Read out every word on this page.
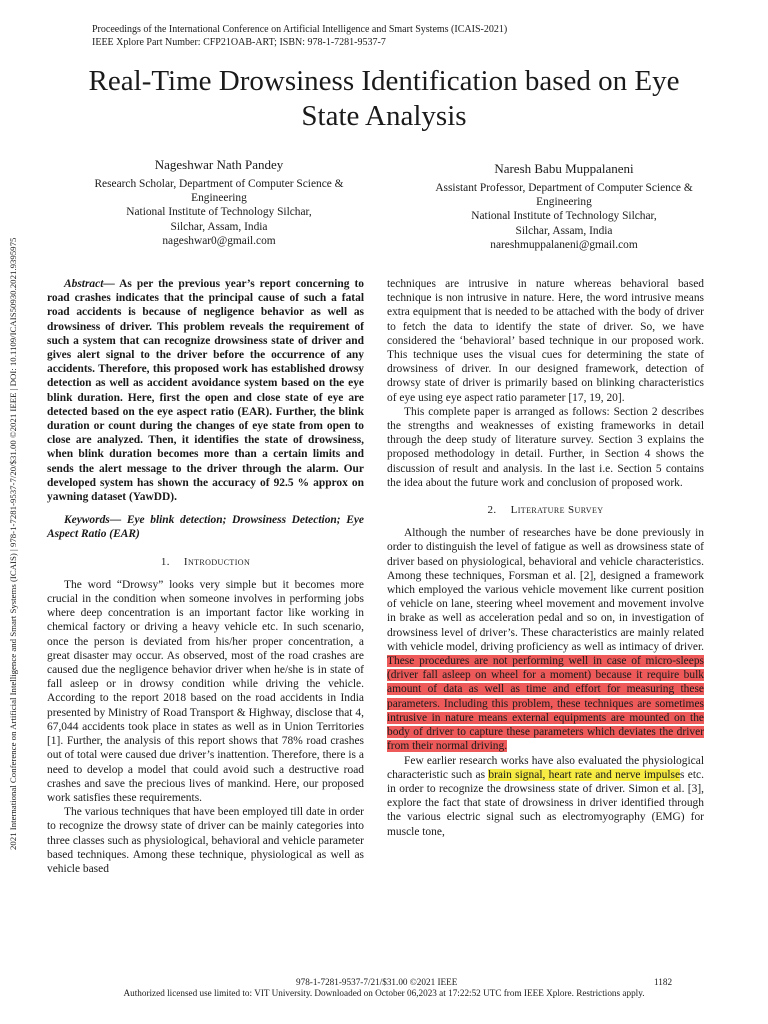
Proceedings of the International Conference on Artificial Intelligence and Smart Systems (ICAIS-2021)
IEEE Xplore Part Number: CFP21OAB-ART; ISBN: 978-1-7281-9537-7
Real-Time Drowsiness Identification based on Eye
State Analysis
Nageshwar Nath Pandey
Research Scholar, Department of Computer Science &
Engineering
National Institute of Technology Silchar,
Silchar, Assam, India
nageshwar0@gmail.com
Naresh Babu Muppalaneni
Assistant Professor, Department of Computer Science &
Engineering
National Institute of Technology Silchar,
Silchar, Assam, India
nareshmuppalaneni@gmail.com
2021 International Conference on Artificial Intelligence and Smart Systems (ICAIS) | 978-1-7281-9537-7/20/$31.00 ©2021 IEEE | DOI: 10.1109/ICAIS50930.2021.9395975	Abstract— As per the previous year’s report concerning to road crashes indicates that the principal cause of such a fatal road accidents is because of negligence behavior as well as drowsiness of driver. This problem reveals the requirement of such a system that can recognize drowsiness state of driver and gives alert signal to the driver before the occurrence of any accidents. Therefore, this proposed work has established drowsy detection as well as accident avoidance system based on the eye blink duration. Here, first the open and close state of eye are detected based on the eye aspect ratio (EAR). Further, the blink duration or count during the changes of eye state from open to close are analyzed. Then, it identifies the state of drowsiness, when blink duration becomes more than a certain limits and sends the alert message to the driver through the alarm. Our developed system has shown the accuracy of 92.5 % approx on yawning dataset (YawDD).

Keywords— Eye blink detection; Drowsiness Detection; Eye Aspect Ratio (EAR)

1. Introduction

The word “Drowsy” looks very simple but it becomes more crucial in the condition when someone involves in performing jobs where deep concentration is an important factor like working in chemical factory or driving a heavy vehicle etc. In such scenario, once the person is deviated from his/her proper concentration, a great disaster may occur. As observed, most of the road crashes are caused due the negligence behavior driver when he/she is in state of fall asleep or in drowsy condition while driving the vehicle. According to the report 2018 based on the road accidents in India presented by Ministry of Road Transport & Highway, disclose that 4, 67,044 accidents took place in states as well as in Union Territories [1]. Further, the analysis of this report shows that 78% road crashes out of total were caused due driver’s inattention. Therefore, there is a need to develop a model that could avoid such a destructive road crashes and save the precious lives of mankind. Here, our proposed work satisfies these requirements.

The various techniques that have been employed till date in order to recognize the drowsy state of driver can be mainly categories into three classes such as physiological, behavioral and vehicle parameter based techniques. Among these technique, physiological as well as vehicle based

techniques are intrusive in nature whereas behavioral based technique is non intrusive in nature. Here, the word intrusive means extra equipment that is needed to be attached with the body of driver to fetch the data to identify the state of driver. So, we have considered the ‘behavioral’ based technique in our proposed work. This technique uses the visual cues for determining the state of drowsiness of driver. In our designed framework, detection of drowsy state of driver is primarily based on blinking characteristics of eye using eye aspect ratio parameter [17, 19, 20].

This complete paper is arranged as follows: Section 2 describes the strengths and weaknesses of existing frameworks in detail through the deep study of literature survey. Section 3 explains the proposed methodology in detail. Further, in Section 4 shows the discussion of result and analysis. In the last i.e. Section 5 contains the idea about the future work and conclusion of proposed work.

2. Literature Survey

Although the number of researches have be done previously in order to distinguish the level of fatigue as well as drowsiness state of driver based on physiological, behavioral and vehicle characteristics. Among these techniques, Forsman et al. [2], designed a framework which employed the various vehicle movement like current position of vehicle on lane, steering wheel movement and movement involve in brake as well as acceleration pedal and so on, in investigation of drowsiness level of driver’s. These characteristics are mainly related with vehicle model, driving proficiency as well as intimacy of driver. These procedures are not performing well in case of micro-sleeps (driver fall asleep on wheel for a moment) because it require bulk amount of data as well as time and effort for measuring these parameters. Including this problem, these techniques are sometimes intrusive in nature means external equipments are mounted on the body of driver to capture these parameters which deviates the driver from their normal driving.

Few earlier research works have also evaluated the physiological characteristic such as brain signal, heart rate and nerve impulses etc. in order to recognize the drowsiness state of driver. Simon et al. [3], explore the fact that state of drowsiness in driver identified through the various electric signal such as electromyography (EMG) for muscle tone,

978-1-7281-9537-7/21/$31.00 ©2021 IEEE	1182
Authorized licensed use limited to: VIT University. Downloaded on October 06,2023 at 17:22:52 UTC from IEEE Xplore. Restrictions apply.
